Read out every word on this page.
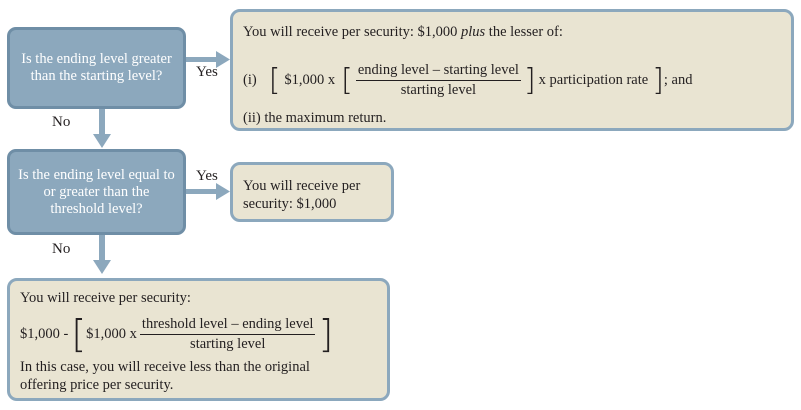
Is the ending level greater than the starting level?
Is the ending level equal to or greater than the threshold level?
Yes
No
Yes
No
You will receive per security: $1,000 plus the lesser of:
(i) [ $1,000 x [ $\frac{\text{ending level – starting level}}{\text{starting level}}$ ] x participation rate ] ; and
(ii) the maximum return.
You will receive per
security: $1,000
You will receive per security:
$1,000 - [ $1,000 x $\frac{\text{threshold level – ending level}}{\text{starting level}}$ ]
In this case, you will receive less than the original
offering price per security.
